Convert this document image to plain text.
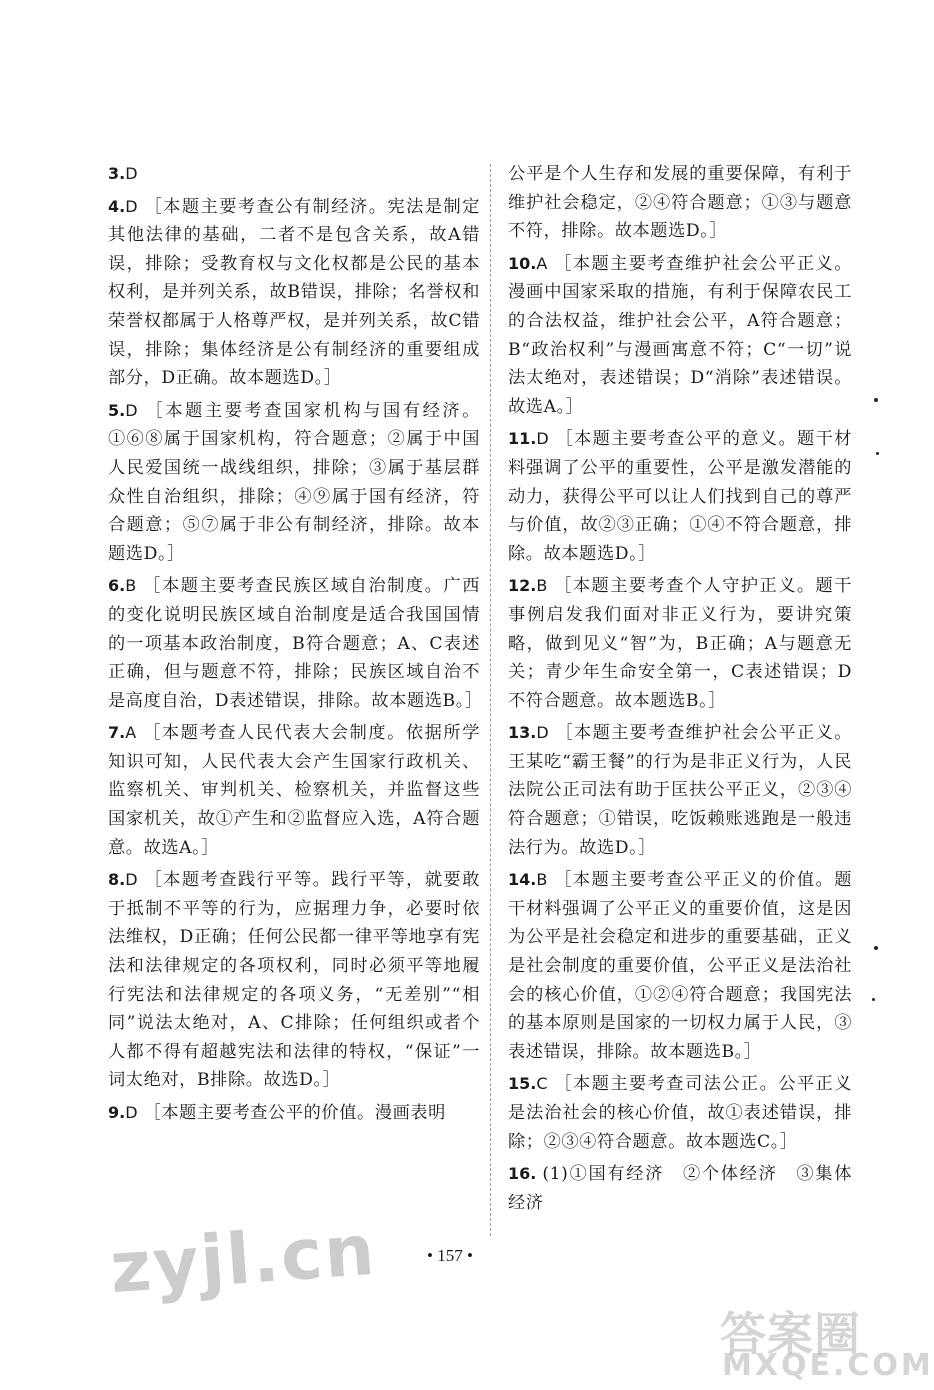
3.D
4.D ［本题主要考查公有制经济。宪法是制定其他法律的基础，二者不是包含关系，故A错误，排除；受教育权与文化权都是公民的基本权利，是并列关系，故B错误，排除；名誉权和荣誉权都属于人格尊严权，是并列关系，故C错误，排除；集体经济是公有制经济的重要组成部分，D正确。故本题选D。］
5.D ［本题主要考查国家机构与国有经济。①⑥⑧属于国家机构，符合题意；②属于中国人民爱国统一战线组织，排除；③属于基层群众性自治组织，排除；④⑨属于国有经济，符合题意；⑤⑦属于非公有制经济，排除。故本题选D。］
6.B ［本题主要考查民族区域自治制度。广西的变化说明民族区域自治制度是适合我国国情的一项基本政治制度，B符合题意；A、C表述正确，但与题意不符，排除；民族区域自治不是高度自治，D表述错误，排除。故本题选B。］
7.A ［本题考查人民代表大会制度。依据所学知识可知，人民代表大会产生国家行政机关、监察机关、审判机关、检察机关，并监督这些国家机关，故①产生和②监督应入选，A符合题意。故选A。］
8.D ［本题考查践行平等。践行平等，就要敢于抵制不平等的行为，应据理力争，必要时依法维权，D正确；任何公民都一律平等地享有宪法和法律规定的各项权利，同时必须平等地履行宪法和法律规定的各项义务，“无差别”“相同”说法太绝对，A、C排除；任何组织或者个人都不得有超越宪法和法律的特权，“保证”一词太绝对，B排除。故选D。］
9.D ［本题主要考查公平的价值。漫画表明
公平是个人生存和发展的重要保障，有利于维护社会稳定，②④符合题意；①③与题意不符，排除。故本题选D。］
10.A ［本题主要考查维护社会公平正义。漫画中国家采取的措施，有利于保障农民工的合法权益，维护社会公平，A符合题意；B“政治权利”与漫画寓意不符；C“一切”说法太绝对，表述错误；D“消除”表述错误。故选A。］
11.D ［本题主要考查公平的意义。题干材料强调了公平的重要性，公平是激发潜能的动力，获得公平可以让人们找到自己的尊严与价值，故②③正确；①④不符合题意，排除。故本题选D。］
12.B ［本题主要考查个人守护正义。题干事例启发我们面对非正义行为，要讲究策略，做到见义“智”为，B正确；A与题意无关；青少年生命安全第一，C表述错误；D不符合题意。故本题选B。］
13.D ［本题主要考查维护社会公平正义。王某吃“霸王餐”的行为是非正义行为，人民法院公正司法有助于匡扶公平正义，②③④符合题意；①错误，吃饭赖账逃跑是一般违法行为。故选D。］
14.B ［本题主要考查公平正义的价值。题干材料强调了公平正义的重要价值，这是因为公平是社会稳定和进步的重要基础，正义是社会制度的重要价值，公平正义是法治社会的核心价值，①②④符合题意；我国宪法的基本原则是国家的一切权力属于人民，③表述错误，排除。故本题选B。］
15.C ［本题主要考查司法公正。公平正义是法治社会的核心价值，故①表述错误，排除；②③④符合题意。故本题选C。］
16. (1)①国有经济　②个体经济　③集体经济
• 157 •
zyjl.cn
答案圈
MXQE.COM
